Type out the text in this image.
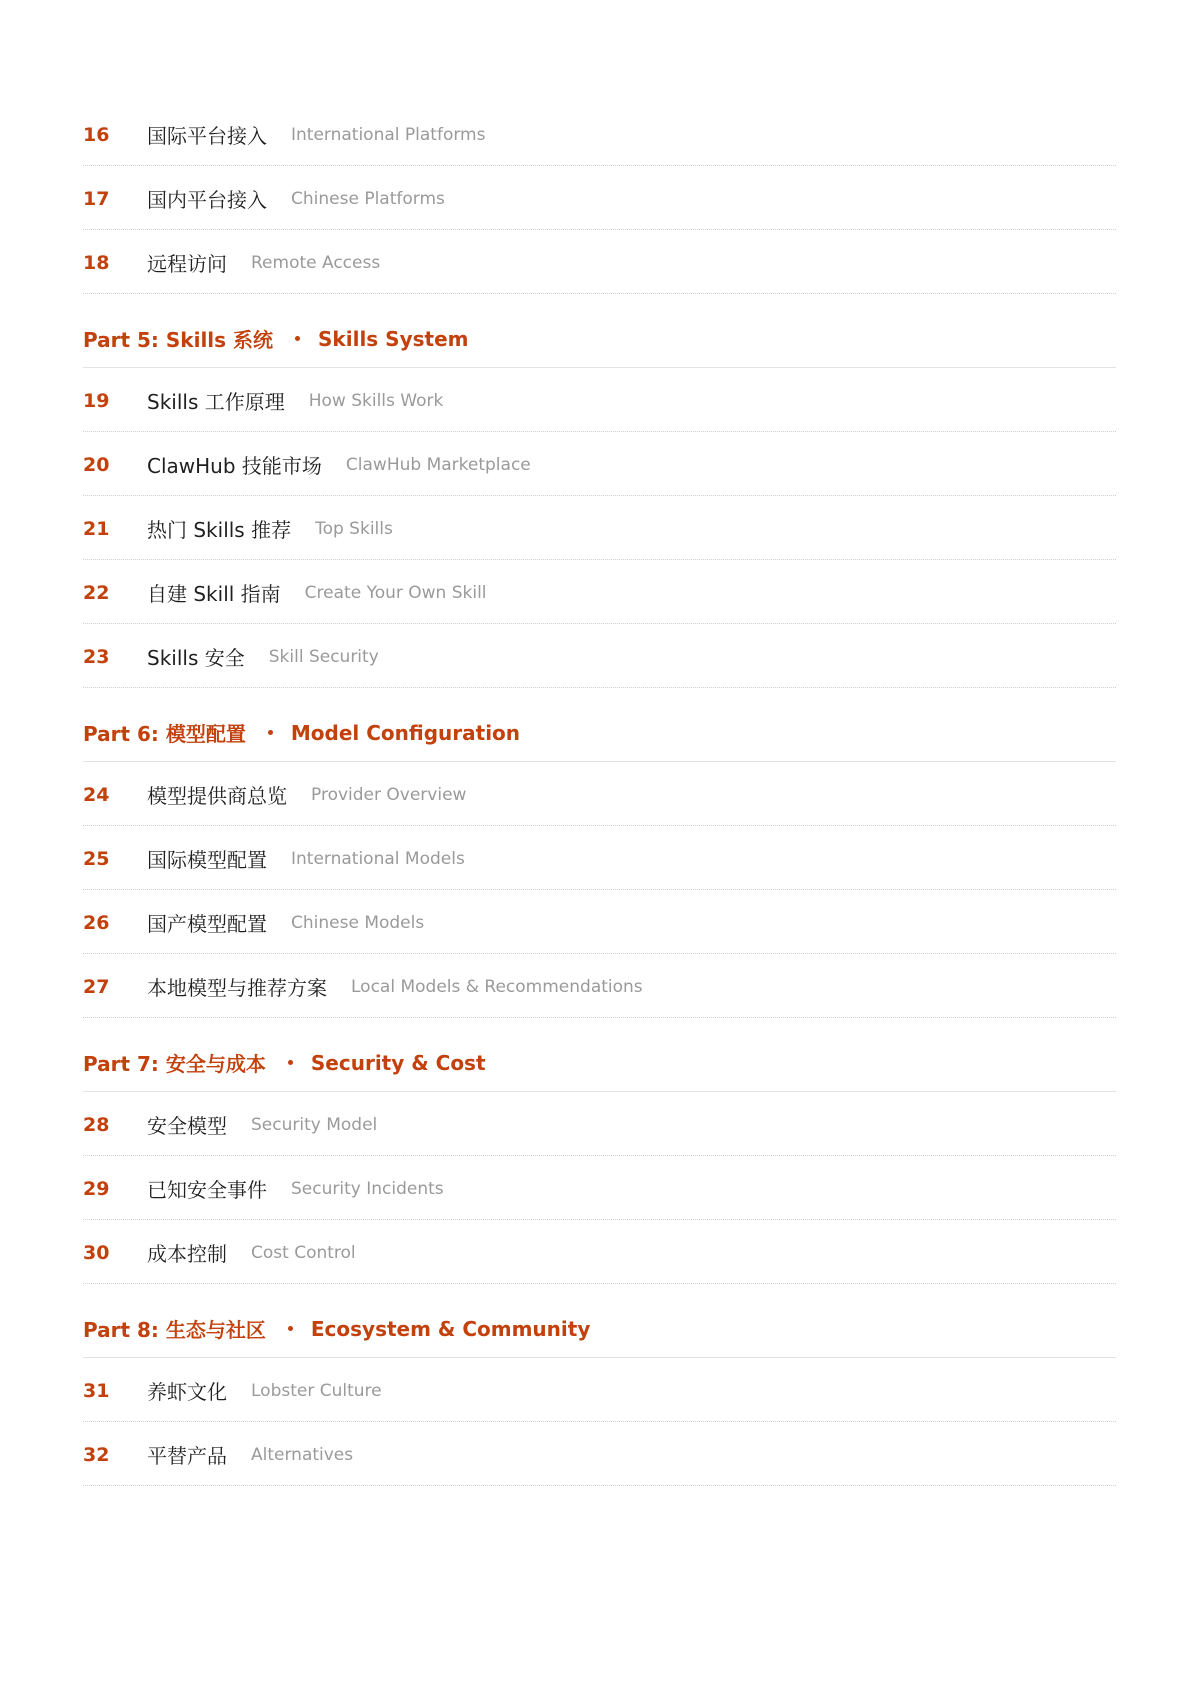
16	国际平台接入 International Platforms
17	国内平台接入 Chinese Platforms
18	远程访问 Remote Access
Part 5: Skills 系统 Skills System
19	Skills 工作原理 How Skills Work
20	ClawHub 技能市场 ClawHub Marketplace
21	热门 Skills 推荐 Top Skills
22	自建 Skill 指南 Create Your Own Skill
23	Skills 安全 Skill Security
Part 6: 模型配置 Model Configuration
24	模型提供商总览 Provider Overview
25	国际模型配置 International Models
26	国产模型配置 Chinese Models
27	本地模型与推荐方案 Local Models & Recommendations
Part 7: 安全与成本 Security & Cost
28	安全模型 Security Model
29	已知安全事件 Security Incidents
30	成本控制 Cost Control
Part 8: 生态与社区 Ecosystem & Community
31	养虾文化 Lobster Culture
32	平替产品 Alternatives
